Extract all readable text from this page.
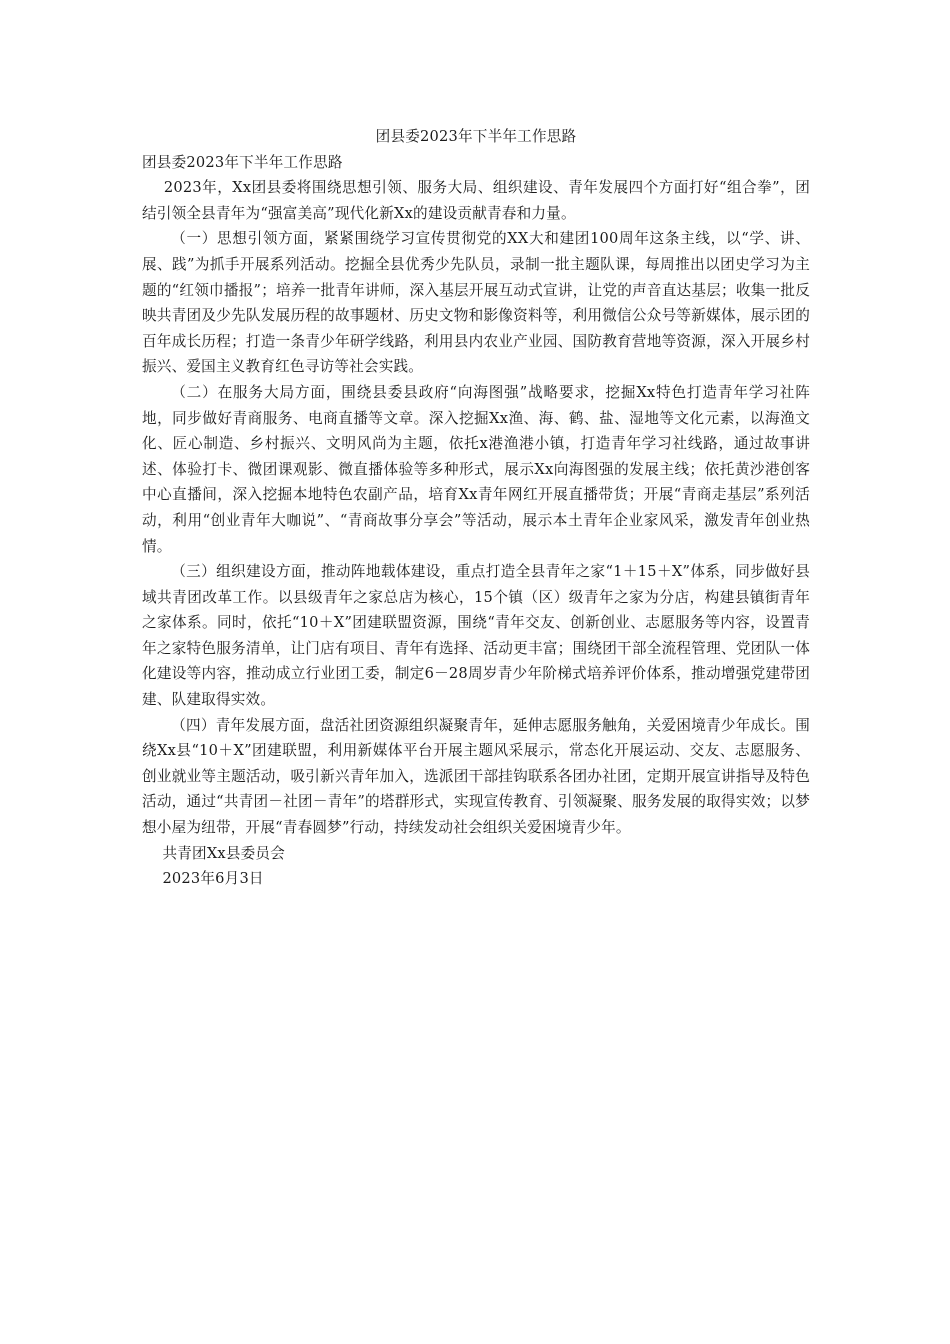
团县委2023年下半年工作思路

团县委2023年下半年工作思路

2023年，Xx团县委将围绕思想引领、服务大局、组织建设、青年发展四个方面打好“组合拳”，团结引领全县青年为“强富美高”现代化新Xx的建设贡献青春和力量。

（一）思想引领方面，紧紧围绕学习宣传贯彻党的XX大和建团100周年这条主线，以“学、讲、展、践”为抓手开展系列活动。挖掘全县优秀少先队员，录制一批主题队课，每周推出以团史学习为主题的“红领巾播报”；培养一批青年讲师，深入基层开展互动式宣讲，让党的声音直达基层；收集一批反映共青团及少先队发展历程的故事题材、历史文物和影像资料等，利用微信公众号等新媒体，展示团的百年成长历程；打造一条青少年研学线路，利用县内农业产业园、国防教育营地等资源，深入开展乡村振兴、爱国主义教育红色寻访等社会实践。

（二）在服务大局方面，围绕县委县政府“向海图强”战略要求，挖掘Xx特色打造青年学习社阵地，同步做好青商服务、电商直播等文章。深入挖掘Xx渔、海、鹤、盐、湿地等文化元素，以海渔文化、匠心制造、乡村振兴、文明风尚为主题，依托x港渔港小镇，打造青年学习社线路，通过故事讲述、体验打卡、微团课观影、微直播体验等多种形式，展示Xx向海图强的发展主线；依托黄沙港创客中心直播间，深入挖掘本地特色农副产品，培育Xx青年网红开展直播带货；开展“青商走基层”系列活动，利用“创业青年大咖说”、“青商故事分享会”等活动，展示本土青年企业家风采，激发青年创业热情。

（三）组织建设方面，推动阵地载体建设，重点打造全县青年之家“1＋15＋X”体系，同步做好县域共青团改革工作。以县级青年之家总店为核心，15个镇（区）级青年之家为分店，构建县镇街青年之家体系。同时，依托“10＋X”团建联盟资源，围绕“青年交友、创新创业、志愿服务等内容，设置青年之家特色服务清单，让门店有项目、青年有选择、活动更丰富；围绕团干部全流程管理、党团队一体化建设等内容，推动成立行业团工委，制定6－28周岁青少年阶梯式培养评价体系，推动增强党建带团建、队建取得实效。

（四）青年发展方面，盘活社团资源组织凝聚青年，延伸志愿服务触角，关爱困境青少年成长。围绕Xx县“10＋X”团建联盟，利用新媒体平台开展主题风采展示，常态化开展运动、交友、志愿服务、创业就业等主题活动，吸引新兴青年加入，选派团干部挂钩联系各团办社团，定期开展宣讲指导及特色活动，通过“共青团－社团－青年”的塔群形式，实现宣传教育、引领凝聚、服务发展的取得实效；以梦想小屋为纽带，开展“青春圆梦”行动，持续发动社会组织关爱困境青少年。

共青团Xx县委员会

2023年6月3日
